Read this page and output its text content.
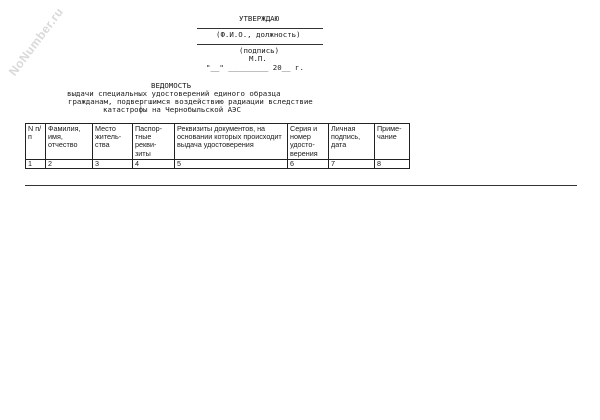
NoNumber.ru	УТВЕРЖДАЮ
(Ф.И.О., должность)
(подпись)
М.П.
"__" _________ 20__ г.
ВЕДОМОСТЬ
выдачи специальных удостоверений единого образца
гражданам, подвергшимся воздействию радиации вследствие
катастрофы на Чернобыльской АЭС
N п/п	Фамилия, имя, отчество	Место житель- ства	Паспор- тные рекви- зиты	Реквизиты документов, на основании которых происходит выдача удостоверения	Серия и номер удосто- верения	Личная подпись, дата	Приме- чание
1	2	3	4	5	6	7	8
